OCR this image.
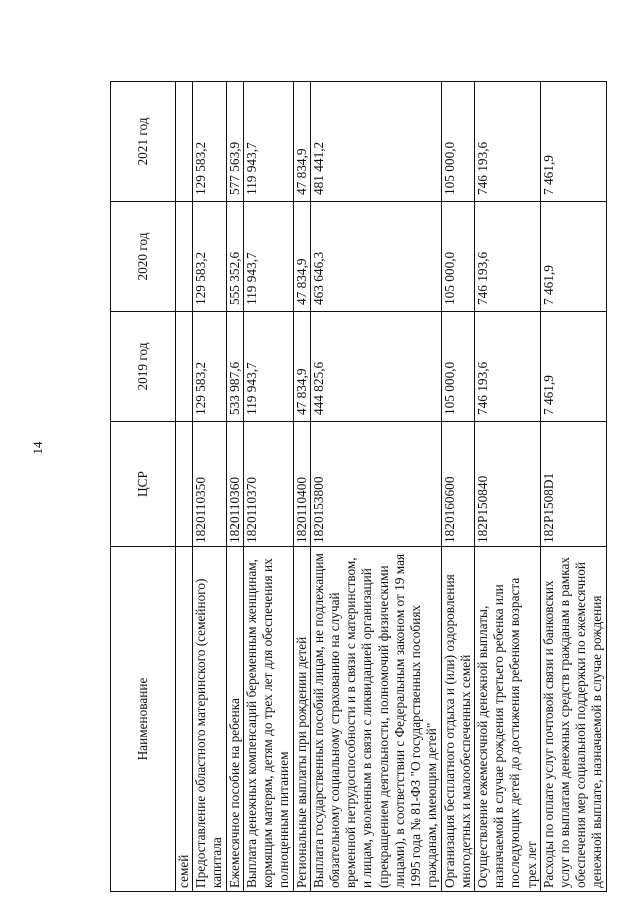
14
Наименование	ЦСР	2019 год	2020 год	2021 год
семей				
Предоставление областного материнского (семейного) капитала	1820110350	129 583,2	129 583,2	129 583,2
Ежемесячное пособие на ребенка	1820110360	533 987,6	555 352,6	577 563,9
Выплата денежных компенсаций беременным женщинам, кормящим матерям, детям до трех лет для обеспечения их полноценным питанием	1820110370	119 943,7	119 943,7	119 943,7
Региональные выплаты при рождении детей	1820110400	47 834,9	47 834,9	47 834,9
Выплата государственных пособий лицам, не подлежащим обязательному социальному страхованию на случай временной нетрудоспособности и в связи с материнством, и лицам, уволенным в связи с ликвидацией организаций (прекращением деятельности, полномочий физическими лицами), в соответствии с Федеральным законом от 19 мая 1995 года № 81-ФЗ "О государственных пособиях гражданам, имеющим детей"	1820153800	444 825,6	463 646,3	481 441,2
Организация бесплатного отдыха и (или) оздоровления многодетных и малообеспеченных семей	1820160600	105 000,0	105 000,0	105 000,0
Осуществление ежемесячной денежной выплаты, назначаемой в случае рождения третьего ребенка или последующих детей до достижения ребенком возраста трех лет	182P150840	746 193,6	746 193,6	746 193,6
Расходы по оплате услуг почтовой связи и банковских услуг по выплатам денежных средств гражданам в рамках обеспечения мер социальной поддержки по ежемесячной денежной выплате, назначаемой в случае рождения	182P1508D1	7 461,9	7 461,9	7 461,9
